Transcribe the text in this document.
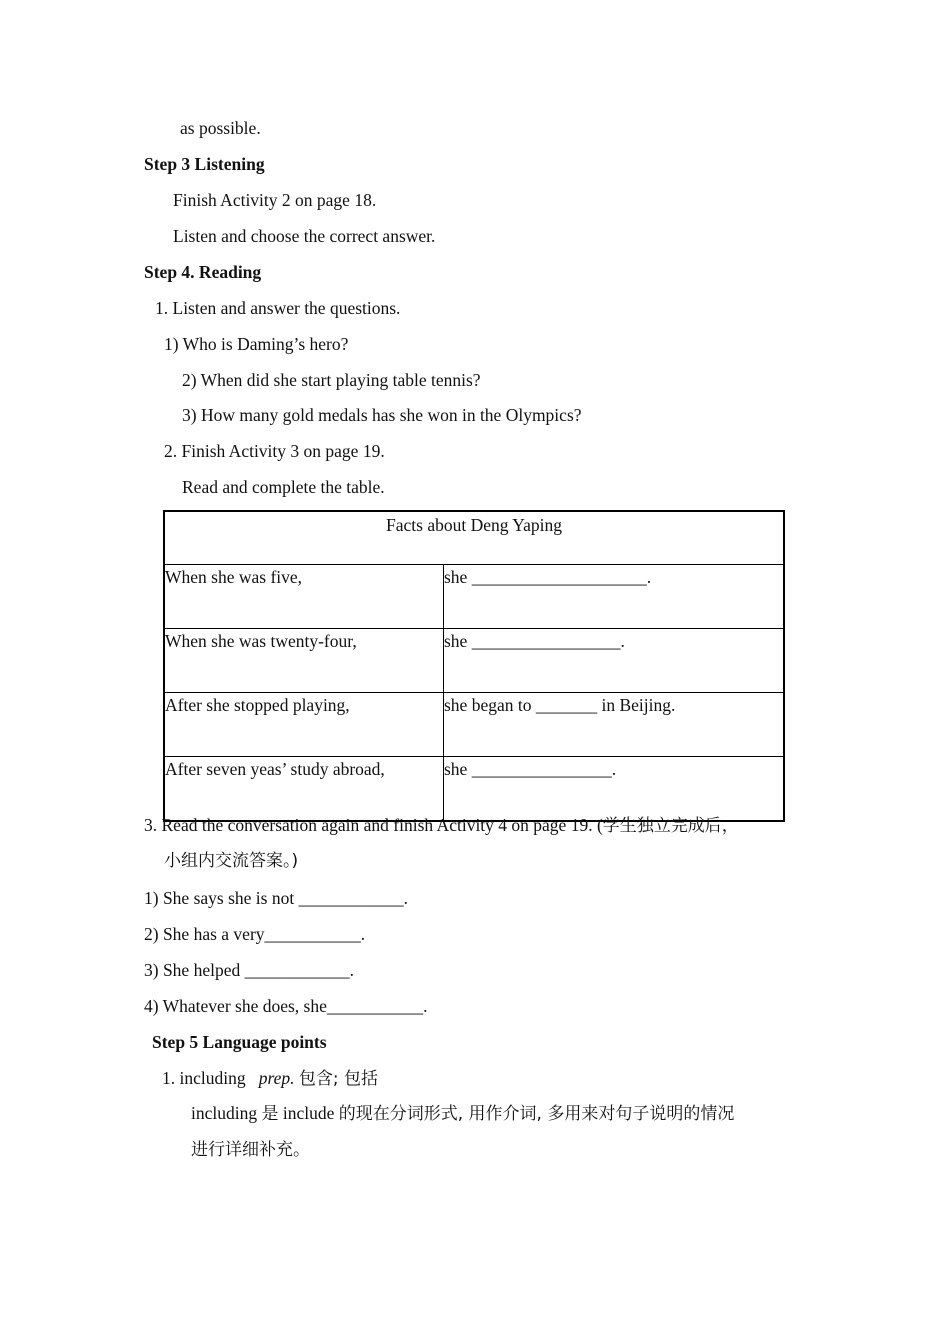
as possible.
Step 3 Listening
Finish Activity 2 on page 18.
Listen and choose the correct answer.
Step 4. Reading
1. Listen and answer the questions.
1) Who is Daming’s hero?
2) When did she start playing table tennis?
3) How many gold medals has she won in the Olympics?
2. Finish Activity 3 on page 19.
Read and complete the table.
Facts about Deng Yaping	
When she was five,	she ____________________.
When she was twenty-four,	she _________________.
After she stopped playing,	she began to _______ in Beijing.
After seven yeas’ study abroad,	she ________________.
3. Read the conversation again and finish Activity 4 on page 19. (学生独立完成后，
小组内交流答案。)
1) She says she is not ____________.
2) She has a very___________.
3) She helped ____________.
4) Whatever she does, she___________.
Step 5 Language points
1. including prep. 包含; 包括
including 是 include 的现在分词形式, 用作介词, 多用来对句子说明的情况
进行详细补充。
